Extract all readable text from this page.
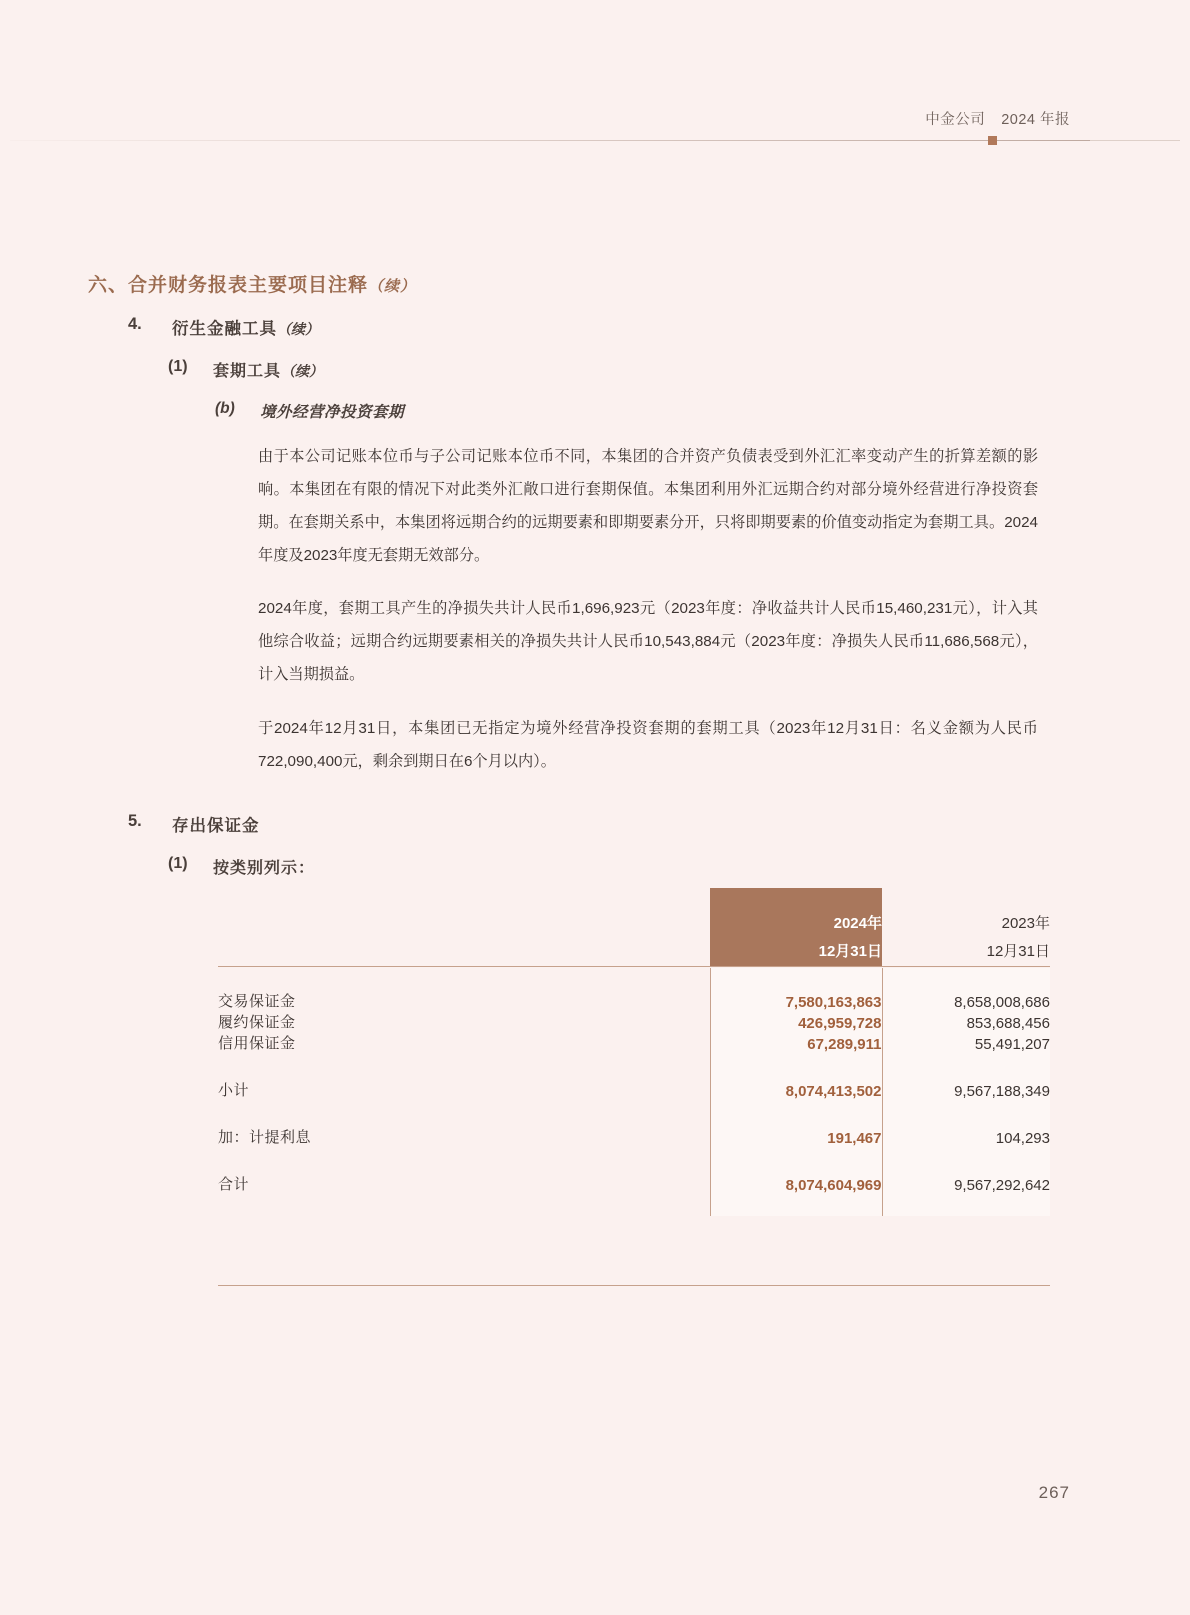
中金公司 2024 年报
六、合并财务报表主要项目注释（续）
4. 衍生金融工具（续）
(1) 套期工具（续）
(b) 境外经营净投资套期
由于本公司记账本位币与子公司记账本位币不同，本集团的合并资产负债表受到外汇汇率变动产生的折算差额的影响。本集团在有限的情况下对此类外汇敞口进行套期保值。本集团利用外汇远期合约对部分境外经营进行净投资套期。在套期关系中，本集团将远期合约的远期要素和即期要素分开，只将即期要素的价值变动指定为套期工具。2024年度及2023年度无套期无效部分。
2024年度，套期工具产生的净损失共计人民币1,696,923元（2023年度：净收益共计人民币15,460,231元），计入其他综合收益；远期合约远期要素相关的净损失共计人民币10,543,884元（2023年度：净损失人民币11,686,568元），计入当期损益。
于2024年12月31日，本集团已无指定为境外经营净投资套期的套期工具（2023年12月31日：名义金额为人民币722,090,400元，剩余到期日在6个月以内）。
5. 存出保证金
(1) 按类别列示：

2024年
12月31日

2023年
12月31日

交易保证金	7,580,163,863	8,658,008,686
履约保证金	426,959,728	853,688,456
信用保证金	67,289,911	55,491,207

小计	8,074,413,502	9,567,188,349

加：计提利息	191,467	104,293

合计	8,074,604,969	9,567,292,642

267
